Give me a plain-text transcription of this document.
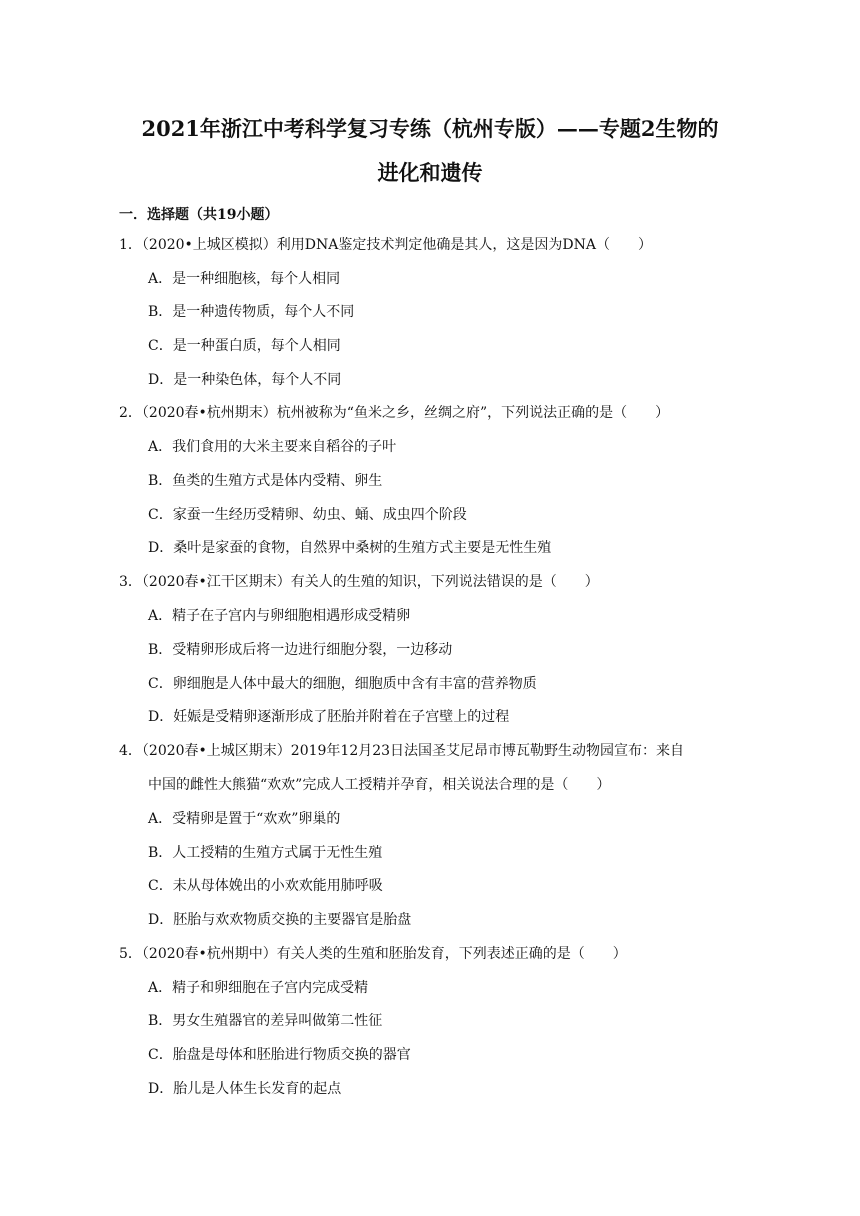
2021年浙江中考科学复习专练（杭州专版）——专题2生物的
进化和遗传

一．选择题（共19小题）

1．（2020•上城区模拟）利用DNA鉴定技术判定他确是其人，这是因为DNA（　　）

A．是一种细胞核，每个人相同

B．是一种遗传物质，每个人不同

C．是一种蛋白质，每个人相同

D．是一种染色体，每个人不同

2．（2020春•杭州期末）杭州被称为“鱼米之乡，丝绸之府”，下列说法正确的是（　　）

A．我们食用的大米主要来自稻谷的子叶

B．鱼类的生殖方式是体内受精、卵生

C．家蚕一生经历受精卵、幼虫、蛹、成虫四个阶段

D．桑叶是家蚕的食物，自然界中桑树的生殖方式主要是无性生殖

3．（2020春•江干区期末）有关人的生殖的知识，下列说法错误的是（　　）

A．精子在子宫内与卵细胞相遇形成受精卵

B．受精卵形成后将一边进行细胞分裂，一边移动

C．卵细胞是人体中最大的细胞，细胞质中含有丰富的营养物质

D．妊娠是受精卵逐渐形成了胚胎并附着在子宫壁上的过程

4．（2020春•上城区期末）2019年12月23日法国圣艾尼昂市博瓦勒野生动物园宣布：来自

中国的雌性大熊猫“欢欢”完成人工授精并孕育，相关说法合理的是（　　）

A．受精卵是置于“欢欢”卵巢的

B．人工授精的生殖方式属于无性生殖

C．未从母体娩出的小欢欢能用肺呼吸

D．胚胎与欢欢物质交换的主要器官是胎盘

5．（2020春•杭州期中）有关人类的生殖和胚胎发育，下列表述正确的是（　　）

A．精子和卵细胞在子宫内完成受精

B．男女生殖器官的差异叫做第二性征

C．胎盘是母体和胚胎进行物质交换的器官

D．胎儿是人体生长发育的起点
